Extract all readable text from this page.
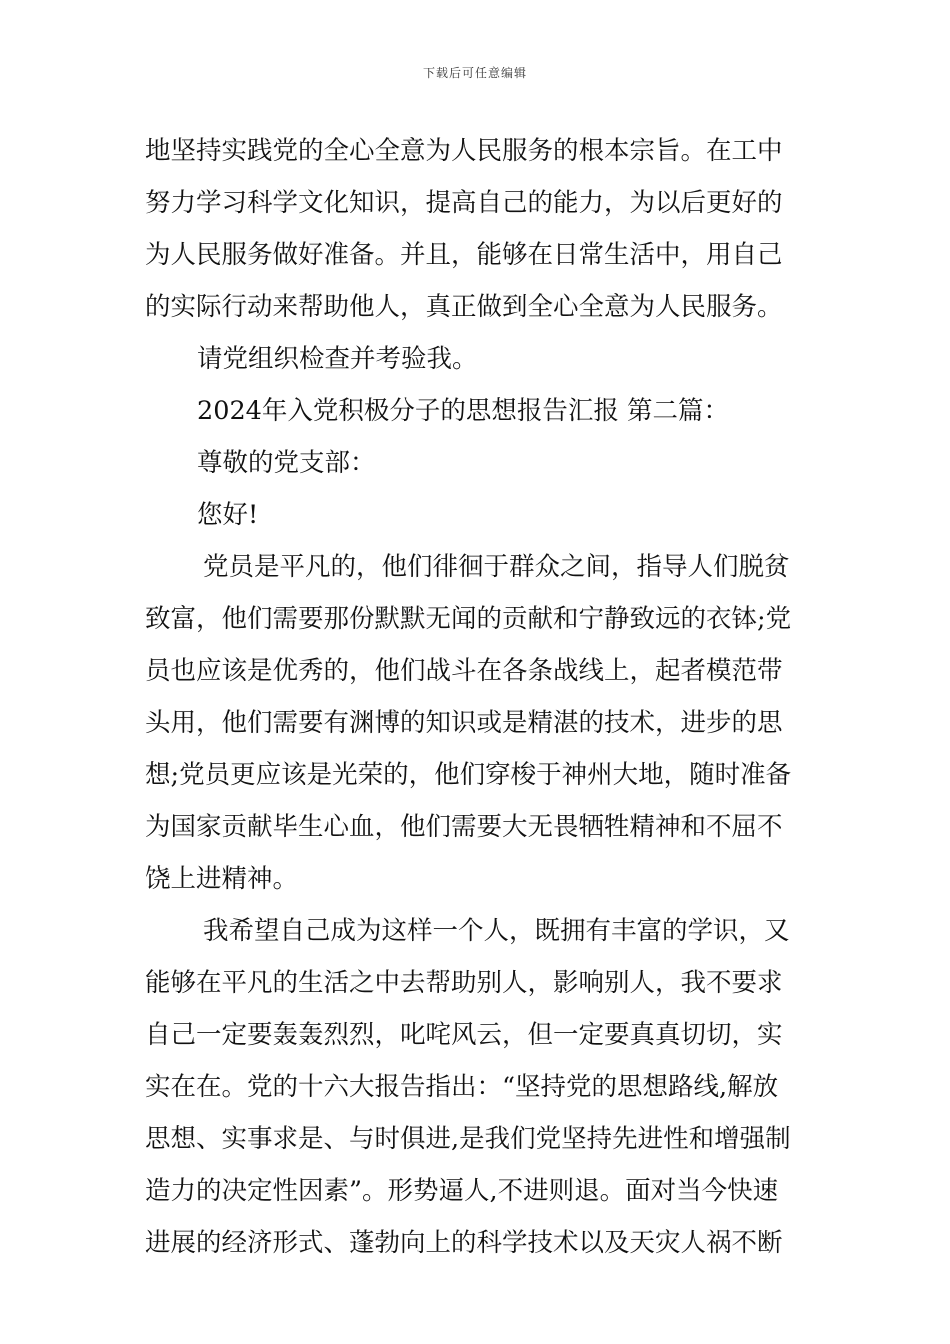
下载后可任意编辑
地坚持实践党的全心全意为人民服务的根本宗旨。在工中
努力学习科学文化知识，提高自己的能力，为以后更好的
为人民服务做好准备。并且，能够在日常生活中，用自己
的实际行动来帮助他人，真正做到全心全意为人民服务。
请党组织检查并考验我。
2024年入党积极分子的思想报告汇报 第二篇：
尊敬的党支部：
您好!
党员是平凡的，他们徘徊于群众之间，指导人们脱贫
致富，他们需要那份默默无闻的贡献和宁静致远的衣钵;党
员也应该是优秀的，他们战斗在各条战线上，起者模范带
头用，他们需要有渊博的知识或是精湛的技术，进步的思
想;党员更应该是光荣的，他们穿梭于神州大地，随时准备
为国家贡献毕生心血，他们需要大无畏牺牲精神和不屈不
饶上进精神。
我希望自己成为这样一个人，既拥有丰富的学识，又
能够在平凡的生活之中去帮助别人，影响别人，我不要求
自己一定要轰轰烈烈，叱咤风云，但一定要真真切切，实
实在在。党的十六大报告指出：“坚持党的思想路线,解放
思想、实事求是、与时俱进,是我们党坚持先进性和增强制
造力的决定性因素”。形势逼人,不进则退。面对当今快速
进展的经济形式、蓬勃向上的科学技术以及天灾人祸不断
